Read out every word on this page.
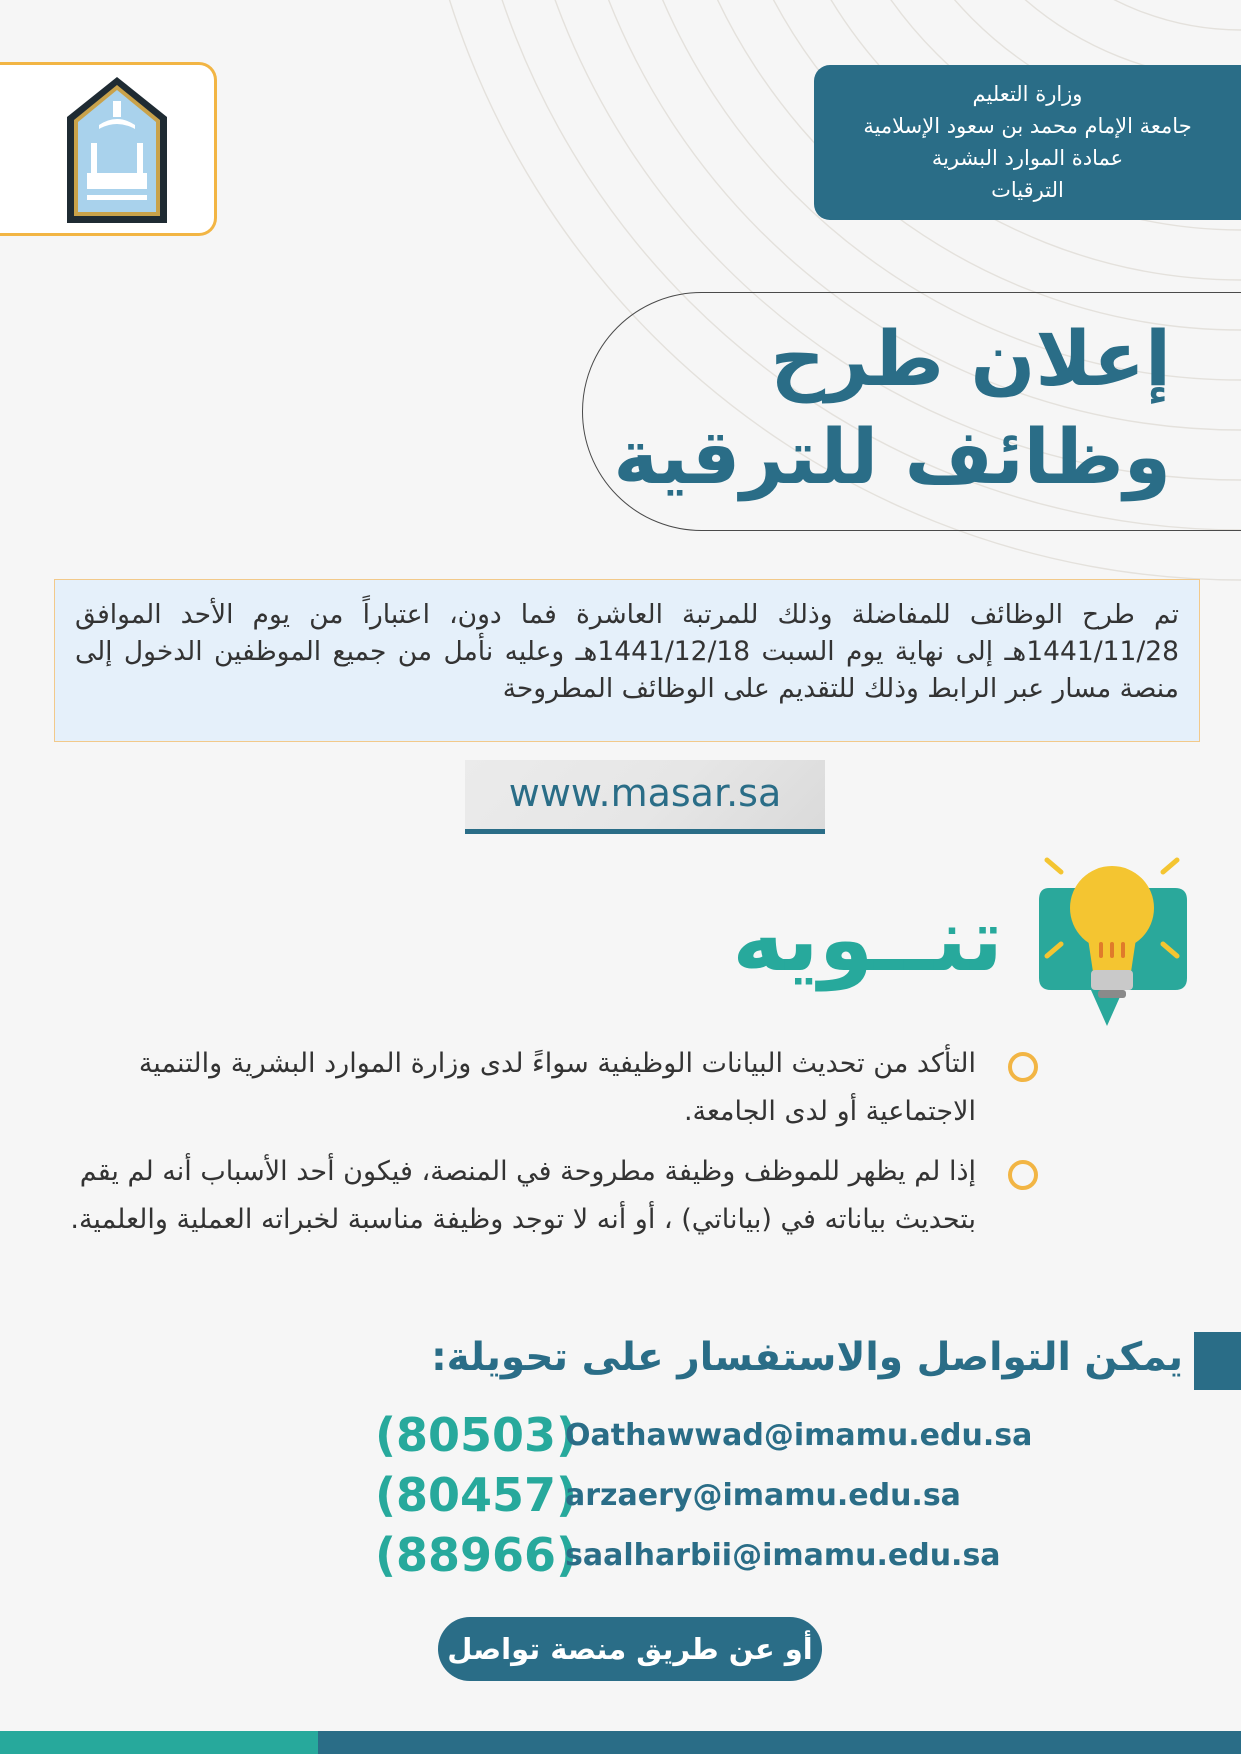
وزارة التعليم
جامعة الإمام محمد بن سعود الإسلامية
عمادة الموارد البشرية
الترقيات
إعلان طرح
وظائف للترقية
تم طرح الوظائف للمفاضلة وذلك للمرتبة العاشرة فما دون، اعتباراً من يوم الأحد الموافق 1441/11/28هـ إلى نهاية يوم السبت 1441/12/18هـ وعليه نأمل من جميع الموظفين الدخول إلى منصة مسار عبر الرابط وذلك للتقديم على الوظائف المطروحة
www.masar.sa
تنــويه
التأكد من تحديث البيانات الوظيفية سواءً لدى وزارة الموارد البشرية والتنمية الاجتماعية أو لدى الجامعة.
إذا لم يظهر للموظف وظيفة مطروحة في المنصة، فيكون أحد الأسباب أنه لم يقم بتحديث بياناته في (بياناتي) ، أو أنه لا توجد وظيفة مناسبة لخبراته العملية والعلمية.
يمكن التواصل والاستفسار على تحويلة:
(80503)
Oathawwad@imamu.edu.sa
(80457)
arzaery@imamu.edu.sa
(88966)
saalharbii@imamu.edu.sa
أو عن طريق منصة تواصل
